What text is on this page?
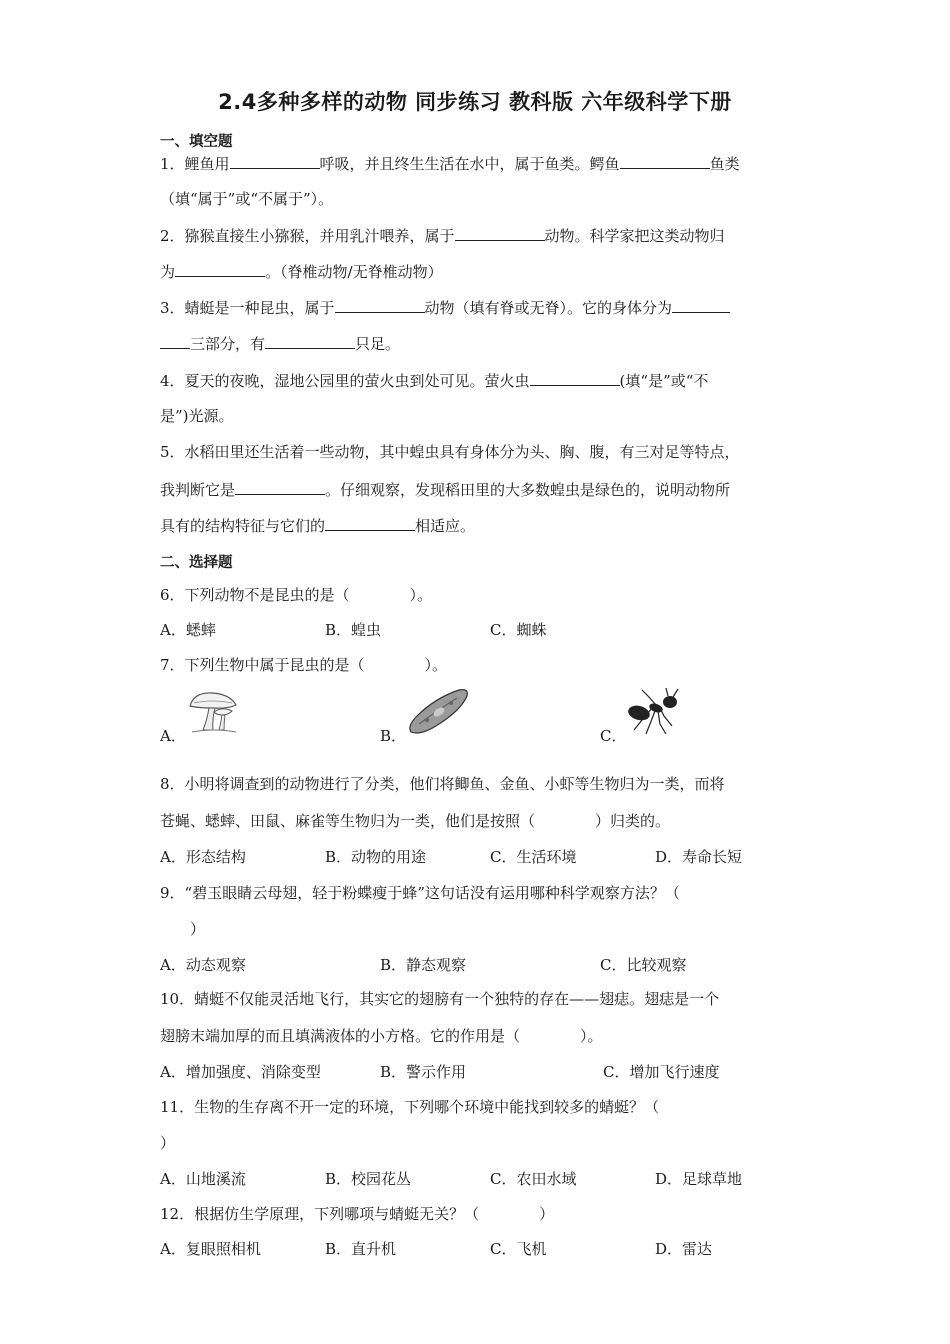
2.4多种多样的动物 同步练习 教科版 六年级科学下册
一、填空题
1．鲤鱼用	呼吸，并且终生生活在水中，属于鱼类。鳄鱼	鱼类
（填“属于”或“不属于”）。
2．猕猴直接生小猕猴，并用乳汁喂养，属于	动物。科学家把这类动物归
为	。（脊椎动物/无脊椎动物）
3．蜻蜓是一种昆虫，属于	动物（填有脊或无脊）。它的身体分为
三部分，有	只足。
4．夏天的夜晚，湿地公园里的萤火虫到处可见。萤火虫	(填“是”或“不
是”)光源。
5．水稻田里还生活着一些动物，其中蝗虫具有身体分为头、胸、腹，有三对足等特点，
我判断它是	。仔细观察，发现稻田里的大多数蝗虫是绿色的，说明动物所
具有的结构特征与它们的	相适应。
二、选择题
6．下列动物不是昆虫的是（　　　　）。
A．蟋蟀	B．蝗虫	C．蜘蛛
7．下列生物中属于昆虫的是（　　　　）。
A．	B．	C．
8．小明将调查到的动物进行了分类，他们将鲫鱼、金鱼、小虾等生物归为一类，而将
苍蝇、蟋蟀、田鼠、麻雀等生物归为一类，他们是按照（　　　　）归类的。
A．形态结构	B．动物的用途	C．生活环境	D．寿命长短
9．“碧玉眼睛云母翅，轻于粉蝶瘦于蜂”这句话没有运用哪种科学观察方法？（
　　）
A．动态观察	B．静态观察	C．比较观察
10．蜻蜓不仅能灵活地飞行，其实它的翅膀有一个独特的存在——翅痣。翅痣是一个
翅膀末端加厚的而且填满液体的小方格。它的作用是（　　　　）。
A．增加强度、消除变型	B．警示作用	C．增加飞行速度
11．生物的生存离不开一定的环境，下列哪个环境中能找到较多的蜻蜓？（
）
A．山地溪流	B．校园花丛	C．农田水域	D．足球草地
12．根据仿生学原理，下列哪项与蜻蜓无关？（　　　　）
A．复眼照相机	B．直升机	C．飞机	D．雷达
